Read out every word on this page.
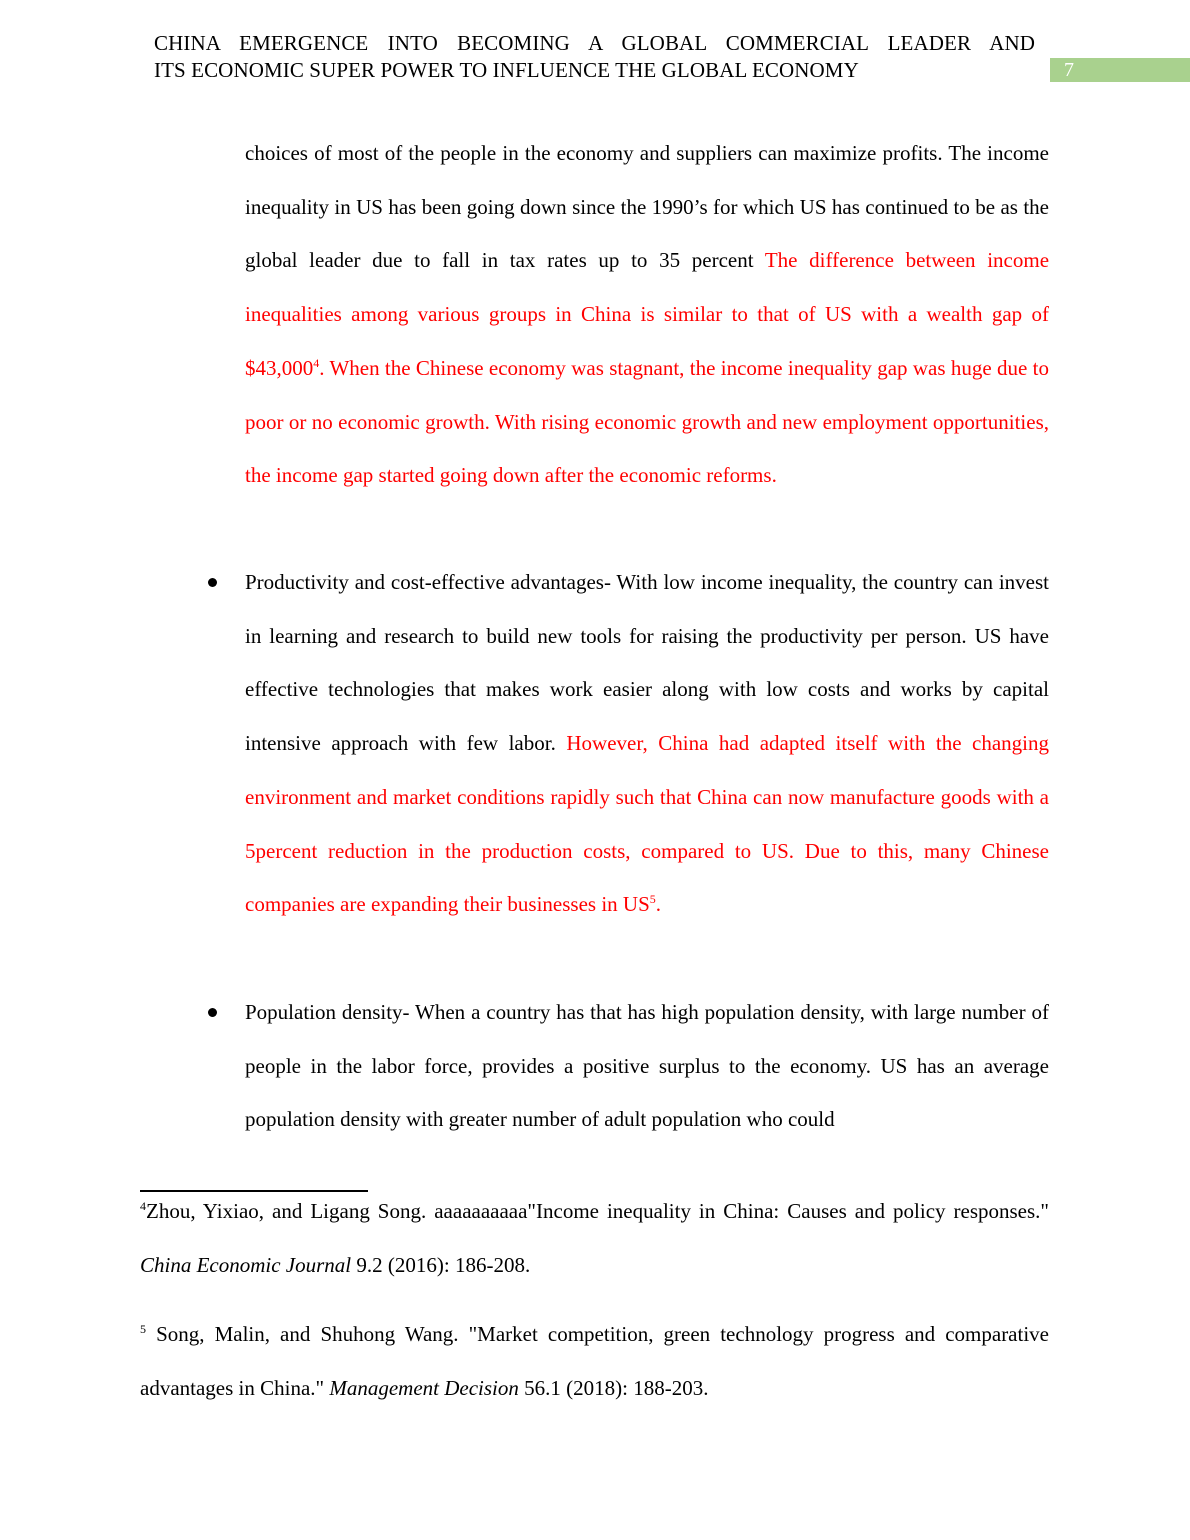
CHINA EMERGENCE INTO BECOMING A GLOBAL COMMERCIAL LEADER AND
ITS ECONOMIC SUPER POWER TO INFLUENCE THE GLOBAL ECONOMY	7
choices of most of the people in the economy and suppliers can maximize profits. The income inequality in US has been going down since the 1990’s for which US has continued to be as the global leader due to fall in tax rates up to 35 percent The difference between income inequalities among various groups in China is similar to that of US with a wealth gap of $43,000$^4$. When the Chinese economy was stagnant, the income inequality gap was huge due to poor or no economic growth. With rising economic growth and new employment opportunities, the income gap started going down after the economic reforms.
Productivity and cost-effective advantages- With low income inequality, the country can invest in learning and research to build new tools for raising the productivity per person. US have effective technologies that makes work easier along with low costs and works by capital intensive approach with few labor. However, China had adapted itself with the changing environment and market conditions rapidly such that China can now manufacture goods with a 5percent reduction in the production costs, compared to US. Due to this, many Chinese companies are expanding their businesses in $US^5$.
Population density- When a country has that has high population density, with large number of people in the labor force, provides a positive surplus to the economy. US has an average population density with greater number of adult population who could
$^4$Zhou, Yixiao, and Ligang Song. aaaaaaaaaa"Income inequality in China: Causes and policy responses." China Economic Journal 9.2 (2016): 186-208.
$^5$ Song, Malin, and Shuhong Wang. "Market competition, green technology progress and comparative advantages in China." Management Decision 56.1 (2018): 188-203.
